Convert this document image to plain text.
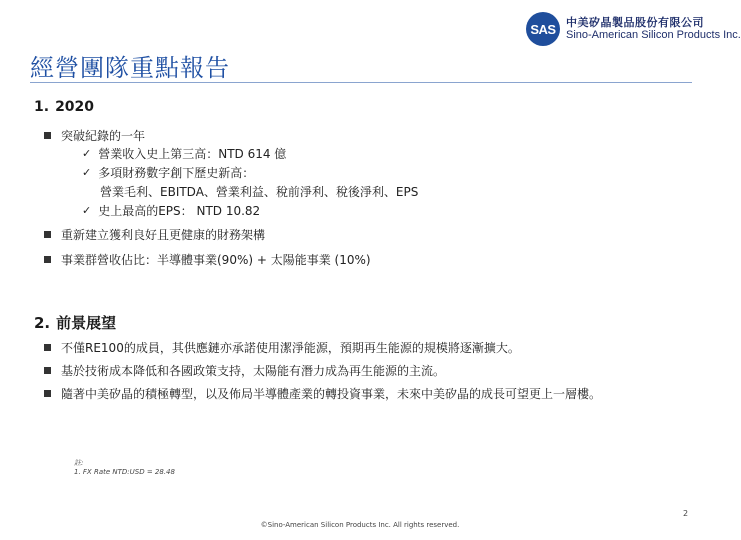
SAS 中美矽晶製品股份有限公司
Sino-American Silicon Products Inc.
經營團隊重點報告
1. 2020
突破紀錄的一年
✓ 營業收入史上第三高：NTD 614 億
✓ 多項財務數字創下歷史新高：
營業毛利、EBITDA、營業利益、稅前淨利、稅後淨利、EPS
✓ 史上最高的EPS： NTD 10.82
重新建立獲利良好且更健康的財務架構
事業群營收佔比：半導體事業(90%) + 太陽能事業 (10%)
2. 前景展望
不僅RE100的成員，其供應鏈亦承諾使用潔淨能源，預期再生能源的規模將逐漸擴大。
基於技術成本降低和各國政策支持，太陽能有潛力成為再生能源的主流。
隨著中美矽晶的積極轉型，以及佈局半導體產業的轉投資事業，未來中美矽晶的成長可望更上一層樓。
註:
1. FX Rate NTD:USD = 28.48
2
©Sino-American Silicon Products Inc. All rights reserved.
